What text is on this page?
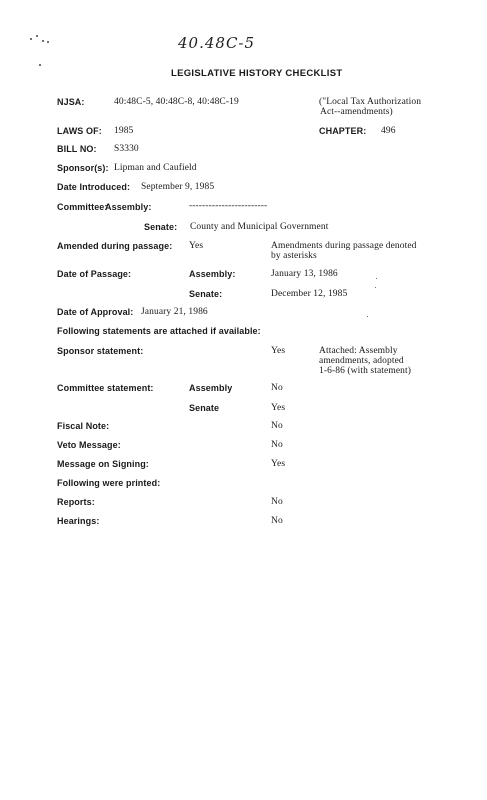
40.48C-5
LEGISLATIVE HISTORY CHECKLIST
NJSA:	40:48C-5, 40:48C-8, 40:48C-19	("Local Tax Authorization
Act--amendments)
LAWS OF: 1985	CHAPTER: 496
BILL NO: S3330
Sponsor(s): Lipman and Caufield
Date Introduced: September 9, 1985
Committee:
Assembly:	------------------------
Senate: County and Municipal Government
Amended during passage: Yes	Amendments during passage denoted
by asterisks
Date of Passage:	Assembly:	January 13, 1986
Senate:	December 12, 1985
Date of Approval: January 21, 1986
Following statements are attached if available:
Sponsor statement:	Yes	Attached: Assembly
amendments, adopted
1-6-86 (with statement)
Committee statement:	Assembly	No
Senate	Yes
Fiscal Note:	No
Veto Message:	No
Message on Signing:	Yes
Following were printed:
Reports:	No
Hearings:	No
